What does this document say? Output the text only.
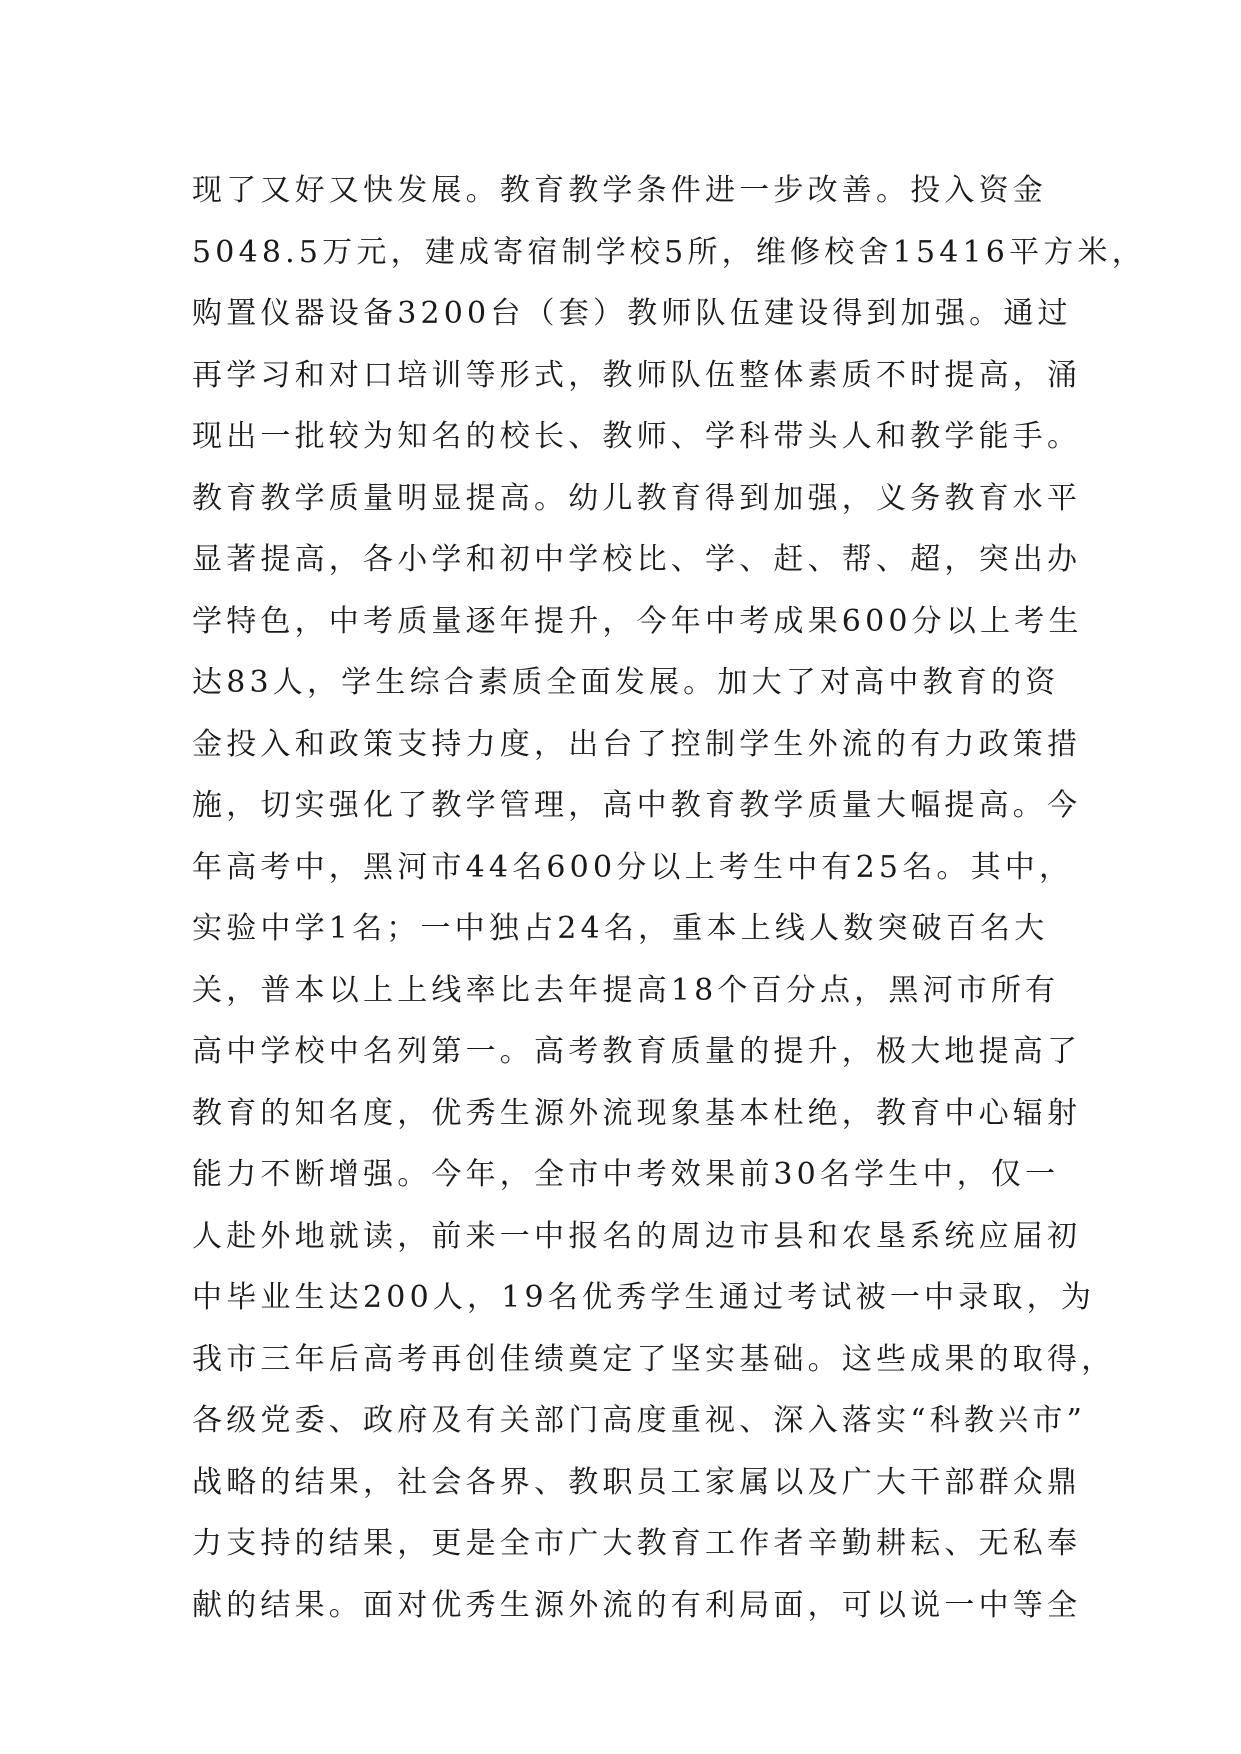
现了又好又快发展。教育教学条件进一步改善。投入资金
5048.5万元，建成寄宿制学校5所，维修校舍15416平方米，
购置仪器设备3200台（套）教师队伍建设得到加强。通过
再学习和对口培训等形式，教师队伍整体素质不时提高，涌
现出一批较为知名的校长、教师、学科带头人和教学能手。
教育教学质量明显提高。幼儿教育得到加强，义务教育水平
显著提高，各小学和初中学校比、学、赶、帮、超，突出办
学特色，中考质量逐年提升，今年中考成果600分以上考生
达83人，学生综合素质全面发展。加大了对高中教育的资
金投入和政策支持力度，出台了控制学生外流的有力政策措
施，切实强化了教学管理，高中教育教学质量大幅提高。今
年高考中，黑河市44名600分以上考生中有25名。其中，
实验中学1名；一中独占24名，重本上线人数突破百名大
关，普本以上上线率比去年提高18个百分点，黑河市所有
高中学校中名列第一。高考教育质量的提升，极大地提高了
教育的知名度，优秀生源外流现象基本杜绝，教育中心辐射
能力不断增强。今年，全市中考效果前30名学生中，仅一
人赴外地就读，前来一中报名的周边市县和农垦系统应届初
中毕业生达200人，19名优秀学生通过考试被一中录取，为
我市三年后高考再创佳绩奠定了坚实基础。这些成果的取得，
各级党委、政府及有关部门高度重视、深入落实“科教兴市”
战略的结果，社会各界、教职员工家属以及广大干部群众鼎
力支持的结果，更是全市广大教育工作者辛勤耕耘、无私奉
献的结果。面对优秀生源外流的有利局面，可以说一中等全
